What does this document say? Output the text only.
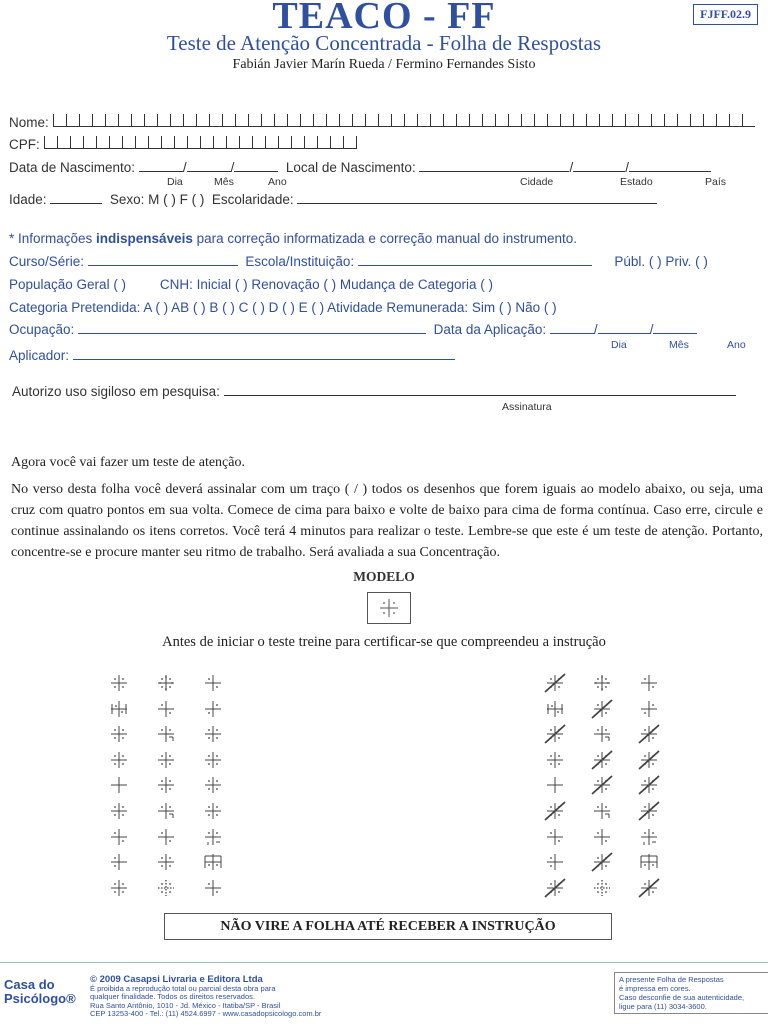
TEACO - FF
Teste de Atenção Concentrada - Folha de Respostas
Fabián Javier Marín Rueda / Fermino Fernandes Sisto
FJFF.02.9
Nome:
CPF:
Data de Nascimento:	/	/	Local de Nascimento:	/	/
Dia	Mês	Ano	Cidade	Estado	País
Idade:	Sexo: M ( ) F ( ) Escolaridade:
* Informações indispensáveis para correção informatizada e correção manual do instrumento.
Curso/Série:	Escola/Instituição:	Públ. ( ) Priv. ( )
População Geral ( )	CNH: Inicial ( ) Renovação ( ) Mudança de Categoria ( )
Categoria Pretendida: A ( ) AB ( ) B ( ) C ( ) D ( ) E ( ) Atividade Remunerada: Sim ( ) Não ( )
Ocupação:	Data da Aplicação:	/	/
Dia	Mês	Ano
Aplicador:
Autorizo uso sigiloso em pesquisa:
Assinatura

Agora você vai fazer um teste de atenção.

No verso desta folha você deverá assinalar com um traço ( / ) todos os desenhos que forem iguais ao modelo abaixo, ou seja, uma cruz com quatro pontos em sua volta. Comece de cima para baixo e volte de baixo para cima de forma contínua. Caso erre, circule e continue assinalando os itens corretos. Você terá 4 minutos para realizar o teste. Lembre-se que este é um teste de atenção. Portanto, concentre-se e procure manter seu ritmo de trabalho. Será avaliada a sua Concentração.

MODELO
Antes de iniciar o teste treine para certificar-se que compreendeu a instrução
NÃO VIRE A FOLHA ATÉ RECEBER A INSTRUÇÃO
Casa do
Psicólogo®
© 2009 Casapsi Livraria e Editora Ltda
É proibida a reprodução total ou parcial desta obra para
qualquer finalidade. Todos os direitos reservados.
Rua Santo Antônio, 1010 - Jd. México - Itatiba/SP - Brasil
CEP 13253-400 - Tel.: (11) 4524.6997 - www.casadopsicologo.com.br
A presente Folha de Respostas
é impressa em cores.
Caso desconfie de sua autenticidade,
ligue para (11) 3034-3600.
